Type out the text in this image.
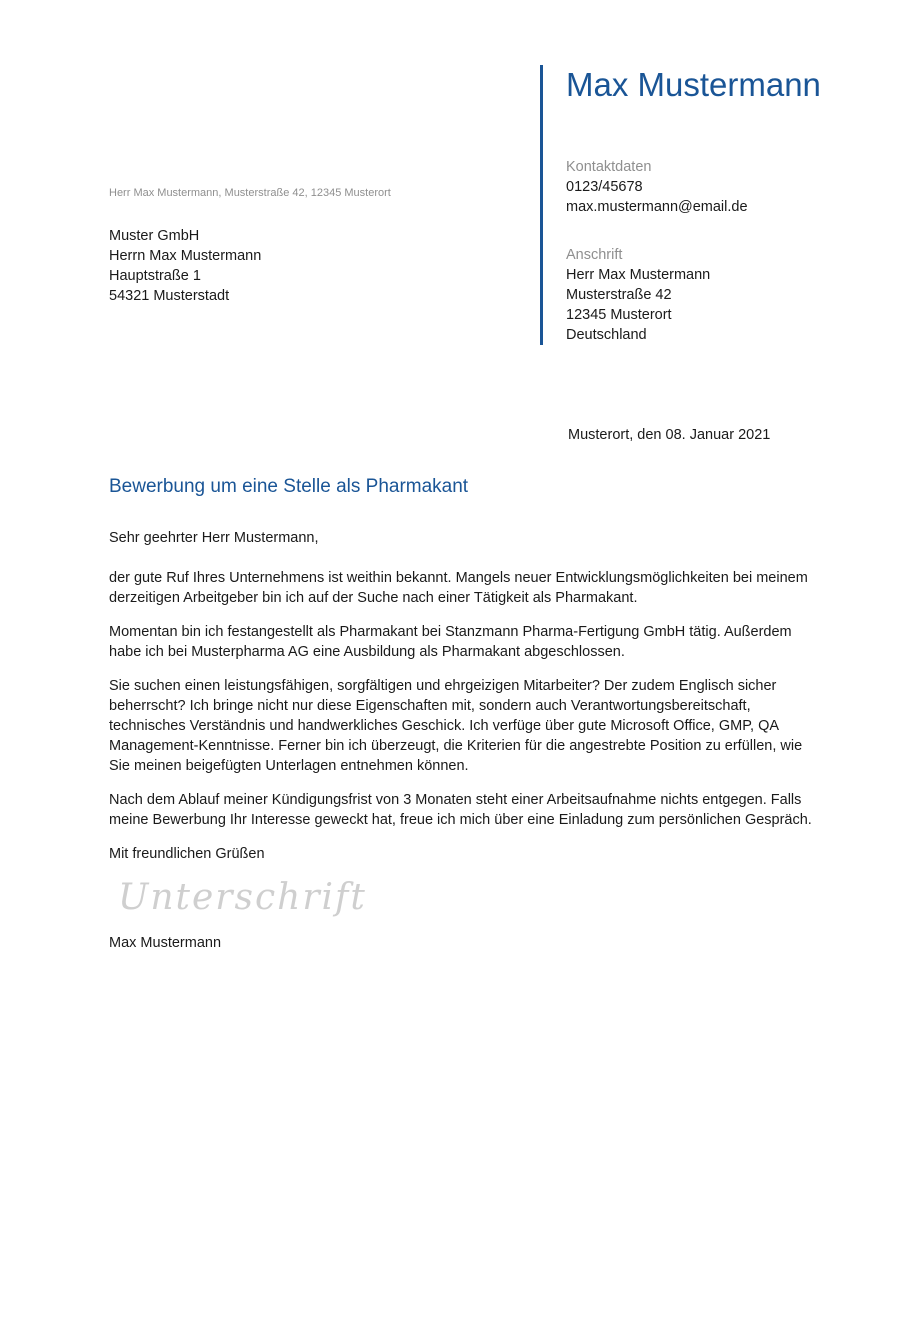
Max Mustermann
Kontaktdaten
0123/45678
max.mustermann@email.de
Anschrift
Herr Max Mustermann
Musterstraße 42
12345 Musterort
Deutschland
Herr Max Mustermann, Musterstraße 42, 12345 Musterort
Muster GmbH
Herrn Max Mustermann
Hauptstraße 1
54321 Musterstadt
Musterort, den 08. Januar 2021
Bewerbung um eine Stelle als Pharmakant

Sehr geehrter Herr Mustermann,

der gute Ruf Ihres Unternehmens ist weithin bekannt. Mangels neuer Entwicklungsmöglichkeiten bei meinem derzeitigen Arbeitgeber bin ich auf der Suche nach einer Tätigkeit als Pharmakant.

Momentan bin ich festangestellt als Pharmakant bei Stanzmann Pharma-Fertigung GmbH tätig. Außerdem habe ich bei Musterpharma AG eine Ausbildung als Pharmakant abgeschlossen.

Sie suchen einen leistungsfähigen, sorgfältigen und ehrgeizigen Mitarbeiter? Der zudem Englisch sicher beherrscht? Ich bringe nicht nur diese Eigenschaften mit, sondern auch Verantwortungsbereitschaft, technisches Verständnis und handwerkliches Geschick. Ich verfüge über gute Microsoft Office, GMP, QA Management-Kenntnisse. Ferner bin ich überzeugt, die Kriterien für die angestrebte Position zu erfüllen, wie Sie meinen beigefügten Unterlagen entnehmen können.

Nach dem Ablauf meiner Kündigungsfrist von 3 Monaten steht einer Arbeitsaufnahme nichts entgegen. Falls meine Bewerbung Ihr Interesse geweckt hat, freue ich mich über eine Einladung zum persönlichen Gespräch.

Mit freundlichen Grüßen

Unterschrift
Max Mustermann
